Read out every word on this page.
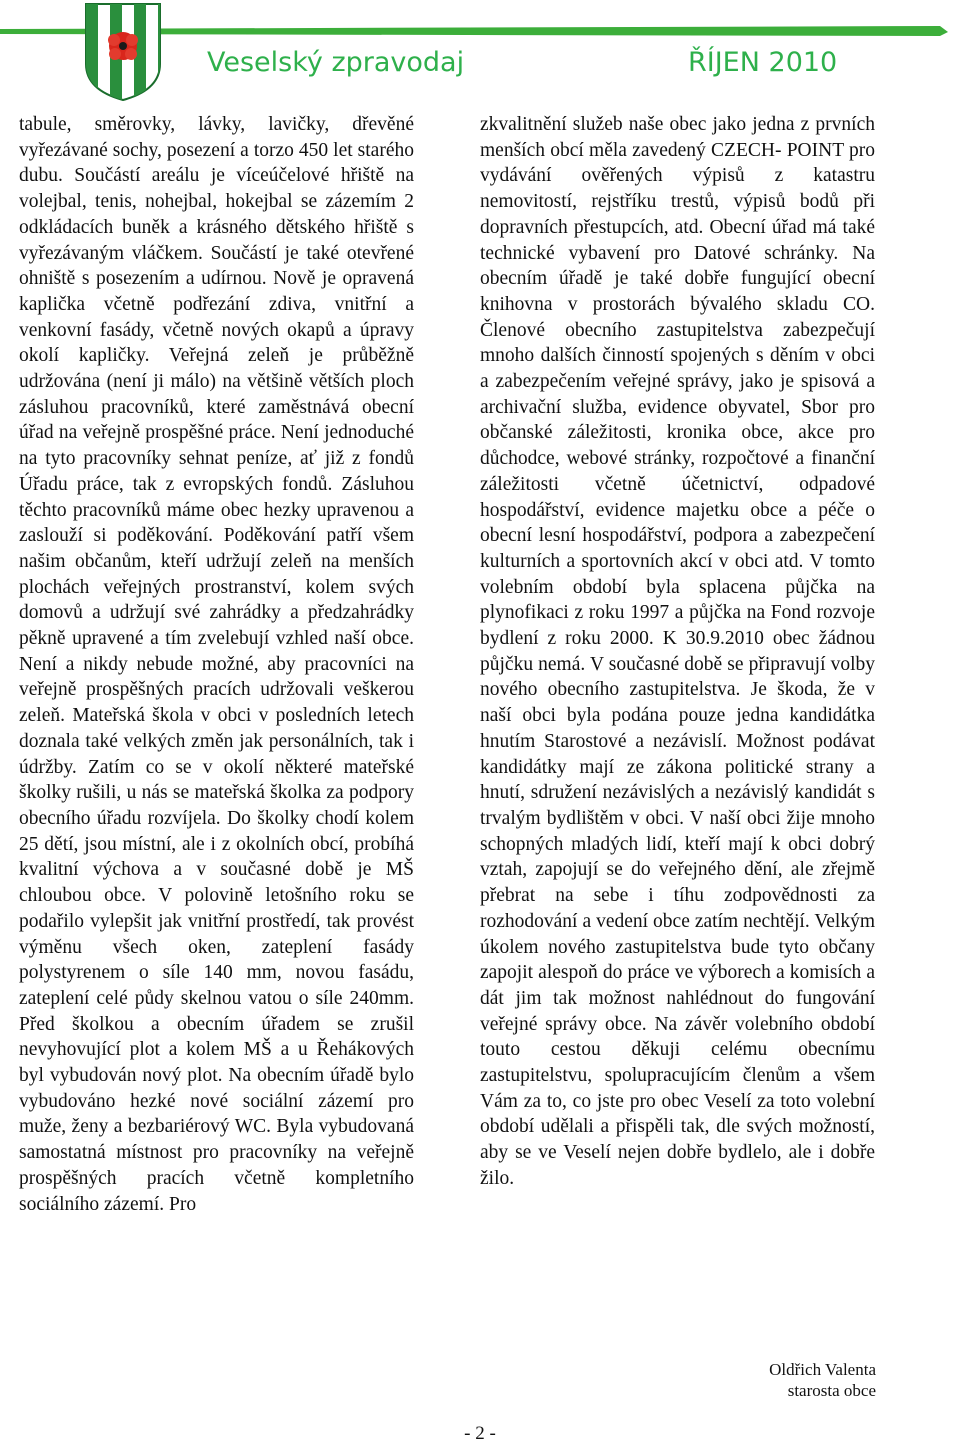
Veselský zpravodaj	ŘÍJEN 2010

tabule, směrovky, lávky, lavičky, dřevěné vyřezávané sochy, posezení a torzo 450 let starého dubu. Součástí areálu je víceúčelové hřiště na volejbal, tenis, nohejbal, hokejbal se zázemím 2 odkládacích buněk a krásného dětského hřiště s vyřezávaným vláčkem. Součástí je také otevřené ohniště s posezením a udírnou. Nově je opravená kaplička včetně podřezání zdiva, vnitřní a venkovní fasády, včetně nových okapů a úpravy okolí kapličky. Veřejná zeleň je průběžně udržována (není ji málo) na většině větších ploch zásluhou pracovníků, které zaměstnává obecní úřad na veřejně prospěšné práce. Není jednoduché na tyto pracovníky sehnat peníze, ať již z fondů Úřadu práce, tak z evropských fondů. Zásluhou těchto pracovníků máme obec hezky upravenou a zaslouží si poděkování. Poděkování patří všem našim občanům, kteří udržují zeleň na menších plochách veřejných prostranství, kolem svých domovů a udržují své zahrádky a předzahrádky pěkně upravené a tím zvelebují vzhled naší obce. Není a nikdy nebude možné, aby pracovníci na veřejně prospěšných pracích udržovali veškerou zeleň. Mateřská škola v obci v posledních letech doznala také velkých změn jak personálních, tak i údržby. Zatím co se v okolí některé mateřské školky rušili, u nás se mateřská školka za podpory obecního úřadu rozvíjela. Do školky chodí kolem 25 dětí, jsou místní, ale i z okolních obcí, probíhá kvalitní výchova a v současné době je MŠ chloubou obce. V polovině letošního roku se podařilo vylepšit jak vnitřní prostředí, tak provést výměnu všech oken, zateplení fasády polystyrenem o síle 140 mm, novou fasádu, zateplení celé půdy skelnou vatou o síle 240mm. Před školkou a obecním úřadem se zrušil nevyhovující plot a kolem MŠ a u Řehákových byl vybudován nový plot. Na obecním úřadě bylo vybudováno hezké nové sociální zázemí pro muže, ženy a bezbariérový WC. Byla vybudovaná samostatná místnost pro pracovníky na veřejně prospěšných pracích včetně kompletního sociálního zázemí. Pro

zkvalitnění služeb naše obec jako jedna z prvních menších obcí měla zavedený CZECH- POINT pro vydávání ověřených výpisů z katastru nemovitostí, rejstříku trestů, výpisů bodů při dopravních přestupcích, atd. Obecní úřad má také technické vybavení pro Datové schránky. Na obecním úřadě je také dobře fungující obecní knihovna v prostorách bývalého skladu CO. Členové obecního zastupitelstva zabezpečují mnoho dalších činností spojených s děním v obci a zabezpečením veřejné správy, jako je spisová a archivační služba, evidence obyvatel, Sbor pro občanské záležitosti, kronika obce, akce pro důchodce, webové stránky, rozpočtové a finanční záležitosti včetně účetnictví, odpadové hospodářství, evidence majetku obce a péče o obecní lesní hospodářství, podpora a zabezpečení kulturních a sportovních akcí v obci atd. V tomto volebním období byla splacena půjčka na plynofikaci z roku 1997 a půjčka na Fond rozvoje bydlení z roku 2000. K 30.9.2010 obec žádnou půjčku nemá. V současné době se připravují volby nového obecního zastupitelstva. Je škoda, že v naší obci byla podána pouze jedna kandidátka hnutím Starostové a nezávislí. Možnost podávat kandidátky mají ze zákona politické strany a hnutí, sdružení nezávislých a nezávislý kandidát s trvalým bydlištěm v obci. V naší obci žije mnoho schopných mladých lidí, kteří mají k obci dobrý vztah, zapojují se do veřejného dění, ale zřejmě přebrat na sebe i tíhu zodpovědnosti za rozhodování a vedení obce zatím nechtějí. Velkým úkolem nového zastupitelstva bude tyto občany zapojit alespoň do práce ve výborech a komisích a dát jim tak možnost nahlédnout do fungování veřejné správy obce. Na závěr volebního období touto cestou děkuji celému obecnímu zastupitelstvu, spolupracujícím členům a všem Vám za to, co jste pro obec Veselí za toto volební období udělali a přispěli tak, dle svých možností, aby se ve Veselí nejen dobře bydlelo, ale i dobře žilo.

Oldřich Valenta
starosta obce
- 2 -
